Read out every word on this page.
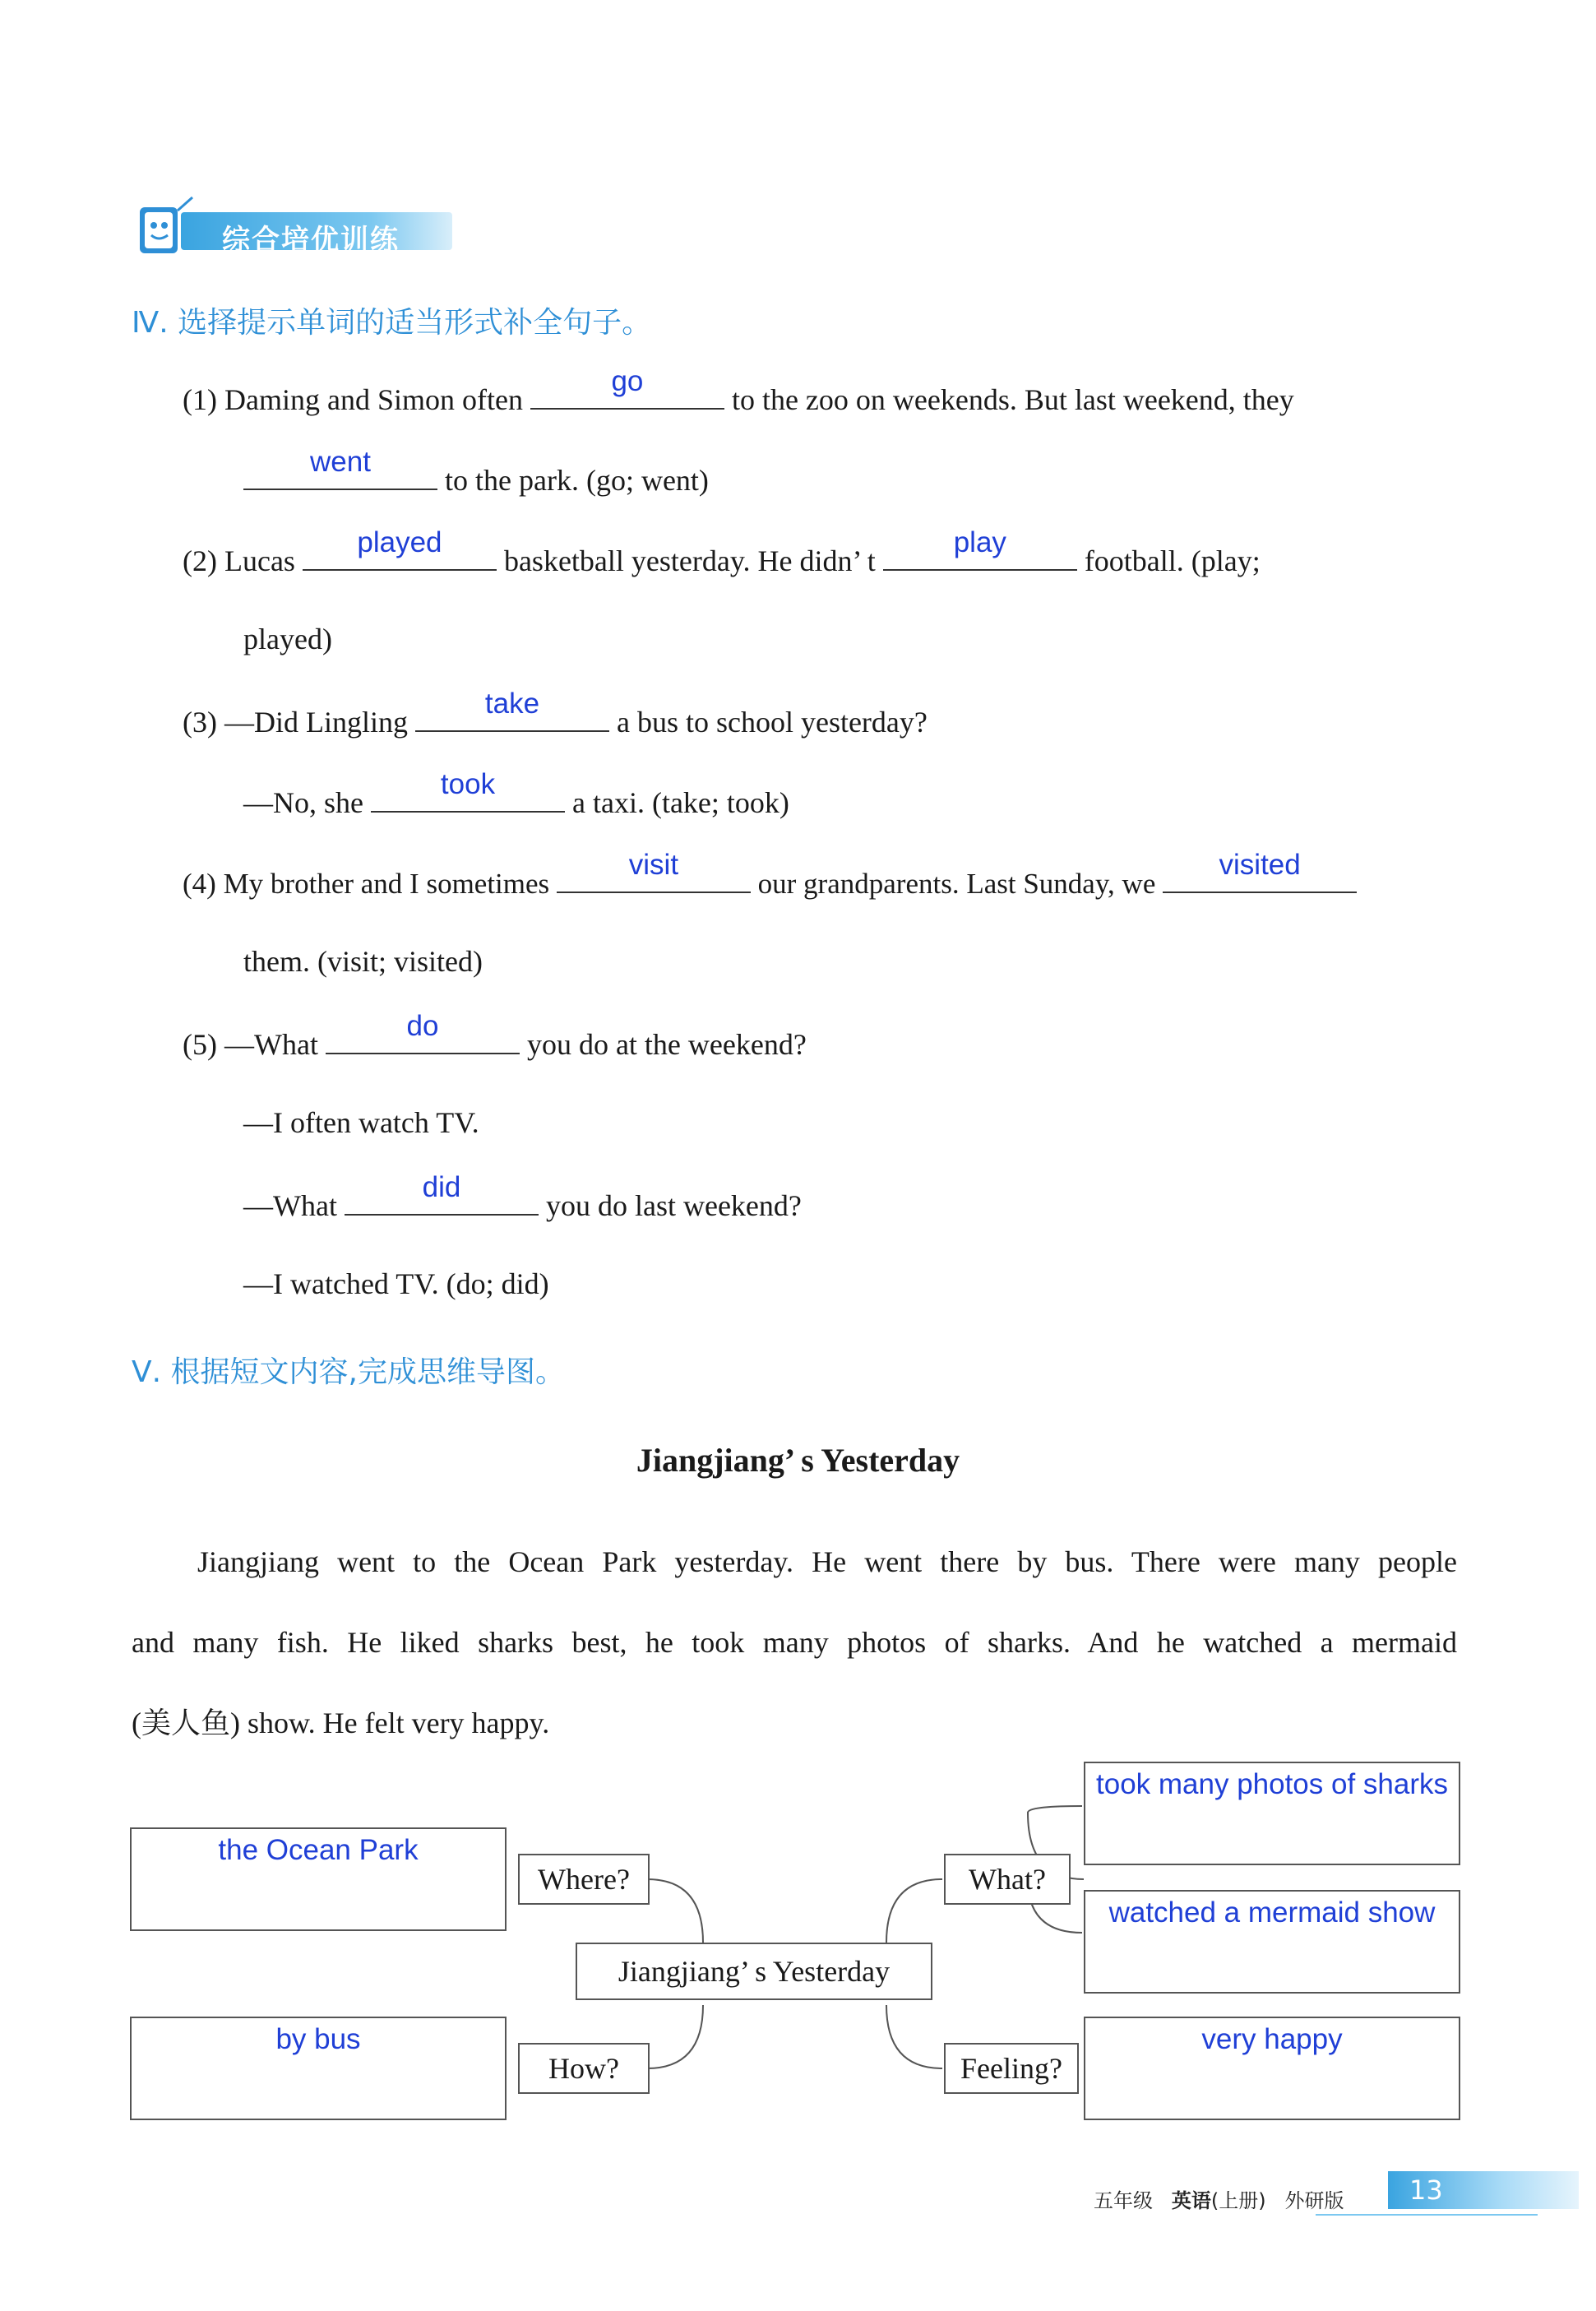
综合培优训练
Ⅳ. 选择提示单词的适当形式补全句子。
(1) Daming and Simon often
go
to the zoo on weekends. But last weekend, they
went
to the park. (go; went)
(2) Lucas
played
basketball yesterday. He didn’ t
play
football. (play;
played)
(3) —Did Lingling
take
a bus to school yesterday?
—No, she
took
a taxi. (take; took)
(4) My brother and I sometimes
visit
our grandparents. Last Sunday, we
visited
them. (visit; visited)
(5) —What
do
you do at the weekend?
—I often watch TV.
—What
did
you do last weekend?
—I watched TV. (do; did)
Ⅴ. 根据短文内容,完成思维导图。
Jiangjiang’ s Yesterday
Jiangjiang went to the Ocean Park yesterday. He went there by bus. There were many people
and many fish. He liked sharks best, he took many photos of sharks. And he watched a mermaid
(美人鱼) show. He felt very happy.
the Ocean Park
by bus
Where?
How?
Jiangjiang’ s Yesterday
What?
Feeling?
took many photos of sharks
watched a mermaid show
very happy
五年级 英语(上册) 外研版 13
